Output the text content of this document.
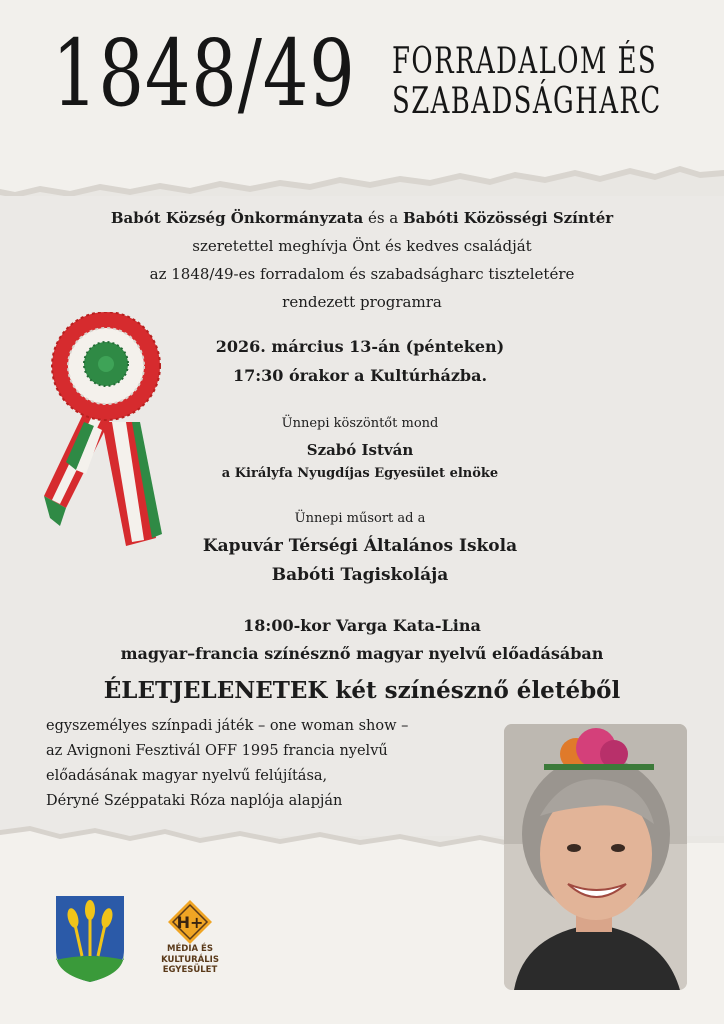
1848/49 FORRADALOM ÉS
SZABADSÁGHARC
Babót Község Önkormányzata és a Babóti Közösségi Színtér
szeretettel meghívja Önt és kedves családját
az 1848/49-es forradalom és szabadságharc tiszteletére
rendezett programra
2026. március 13-án (pénteken)
17:30 órakor a Kultúrházba.
Ünnepi köszöntőt mond
Szabó István
a Királyfa Nyugdíjas Egyesület elnöke
Ünnepi műsort ad a
Kapuvár Térségi Általános Iskola
Babóti Tagiskolája
18:00-kor Varga Kata-Lina
magyar–francia színésznő magyar nyelvű előadásában
ÉLETJELENETEK két színésznő életéből
egyszemélyes színpadi játék – one woman show –
az Avignoni Fesztivál OFF 1995 francia nyelvű
előadásának magyar nyelvű felújítása,
Déryné Széppataki Róza naplója alapján
H+
MÉDIA ÉS
KULTURÁLIS
EGYESÜLET
